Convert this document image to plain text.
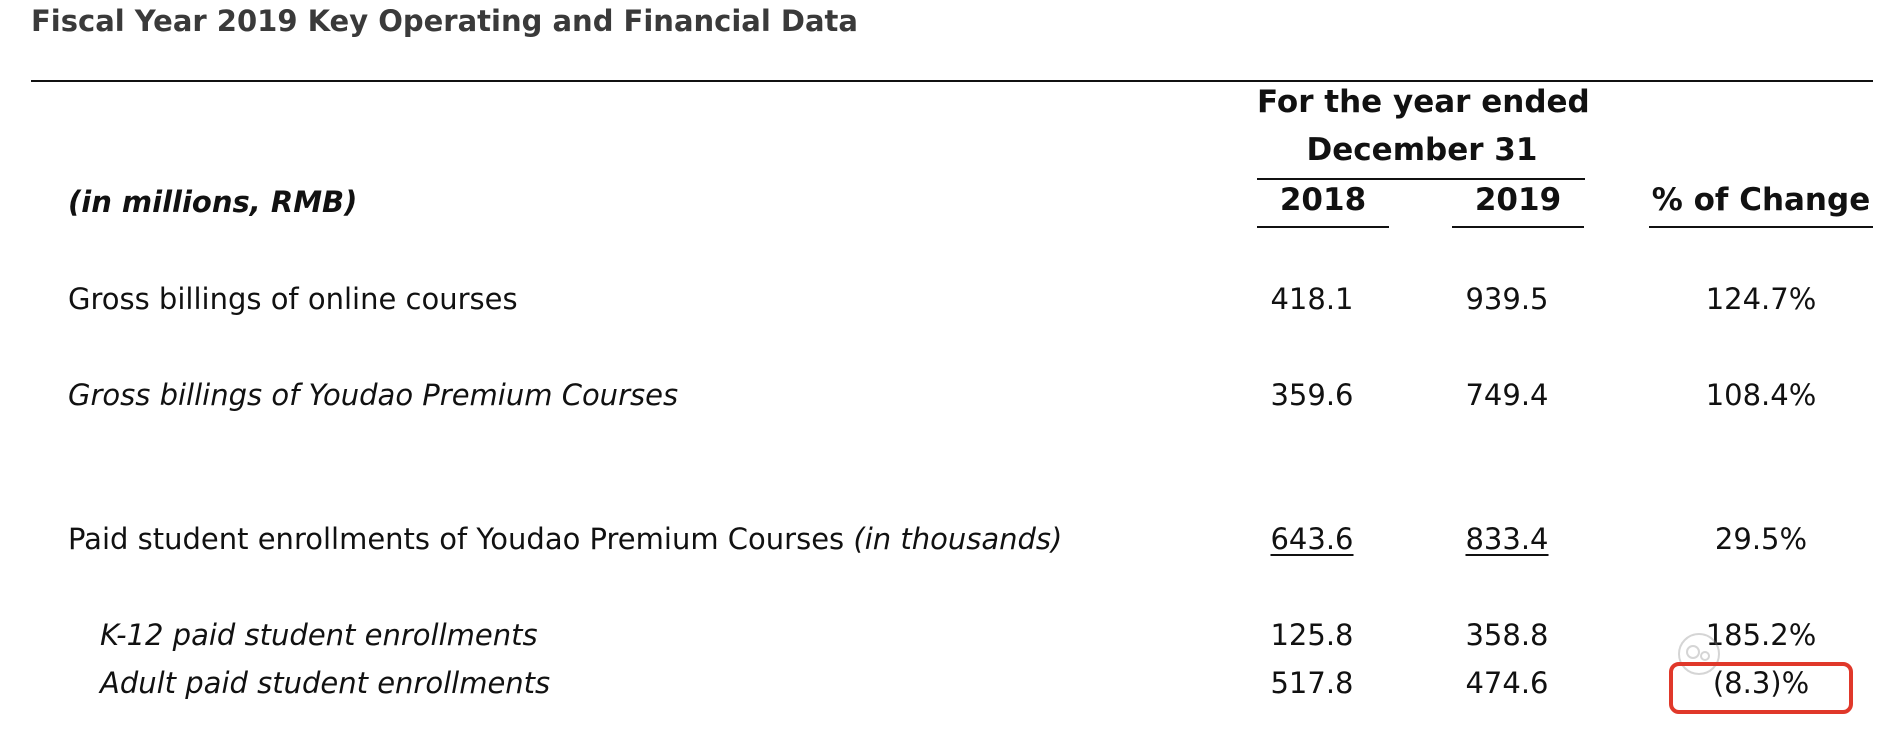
Fiscal Year 2019 Key Operating and Financial Data
For the year ended
December 31
2018	2019	% of Change
(in millions, RMB)
Gross billings of online courses	418.1	939.5	124.7%
Gross billings of Youdao Premium Courses	359.6	749.4	108.4%
Paid student enrollments of Youdao Premium Courses (in thousands)	643.6	833.4	29.5%
K-12 paid student enrollments	125.8	358.8	185.2%
Adult paid student enrollments	517.8	474.6	(8.3)%
